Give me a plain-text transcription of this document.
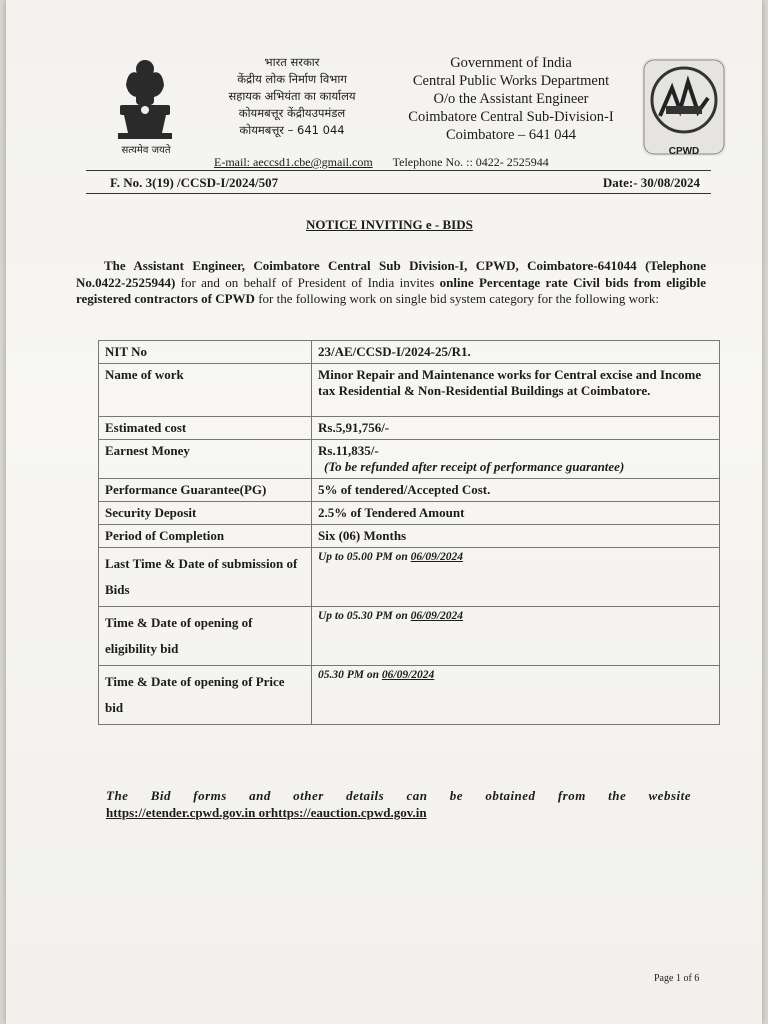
सत्यमेव जयते
भारत सरकार
केंद्रीय लोक निर्माण विभाग
सहायक अभियंता का कार्यालय
कोयमबत्तूर केंद्रीयउपमंडल
कोयमबत्तूर – 641 044
Government of India
Central Public Works Department
O/o the Assistant Engineer
Coimbatore Central Sub-Division-I
Coimbatore – 641 044
CPWD
E-mail: aeccsd1.cbe@gmail.com Telephone No. :: 0422- 2525944
F. No. 3(19) /CCSD-I/2024/507	Date:- 30/08/2024
NOTICE INVITING e - BIDS
The Assistant Engineer, Coimbatore Central Sub Division-I, CPWD, Coimbatore-641044 (Telephone No.0422-2525944) for and on behalf of President of India invites online Percentage rate Civil bids from eligible registered contractors of CPWD for the following work on single bid system category for the following work:
NIT No	23/AE/CCSD-I/2024-25/R1.
Name of work	Minor Repair and Maintenance works for Central excise and Income tax Residential & Non-Residential Buildings at Coimbatore.
Estimated cost	Rs.5,91,756/-
Earnest Money	Rs.11,835/-
(To be refunded after receipt of performance guarantee)

Performance Guarantee(PG)	5% of tendered/Accepted Cost.
Security Deposit	2.5% of Tendered Amount
Period of Completion	Six (06) Months
Last Time & Date of submission of Bids	Up to 05.00 PM on 06/09/2024
Time & Date of opening of eligibility bid	Up to 05.30 PM on 06/09/2024
Time & Date of opening of Price bid	05.30 PM on 06/09/2024
The Bid forms and other details can be obtained from the website
https://etender.cpwd.gov.in orhttps://eauction.cpwd.gov.in
Page 1 of 6
